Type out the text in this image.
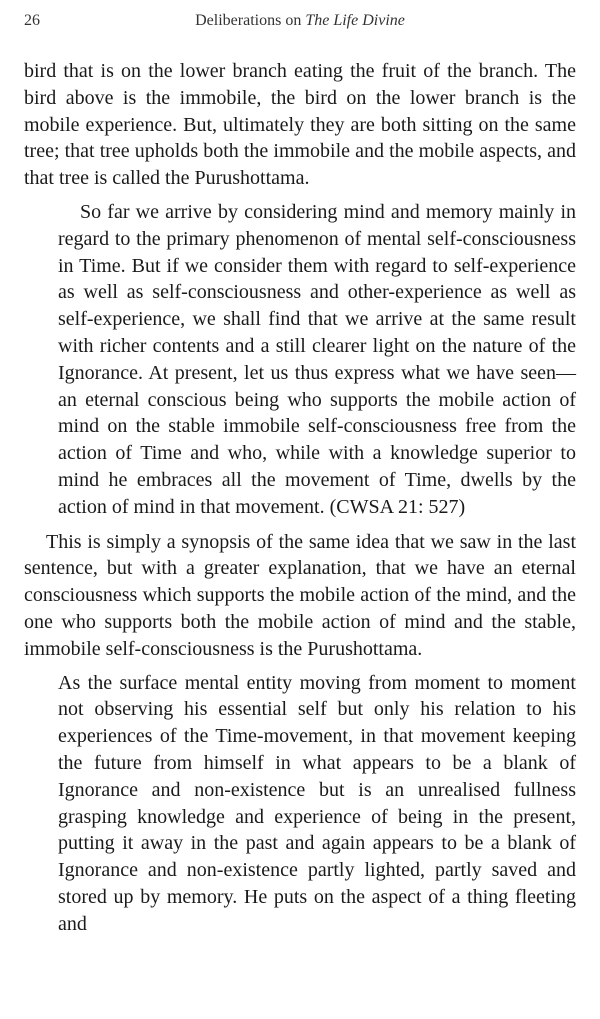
26	Deliberations on The Life Divine

bird that is on the lower branch eating the fruit of the branch. The bird above is the immobile, the bird on the lower branch is the mobile experience. But, ultimately they are both sitting on the same tree; that tree upholds both the immobile and the mobile aspects, and that tree is called the Purushottama.

So far we arrive by considering mind and memory mainly in regard to the primary phenomenon of mental self-consciousness in Time. But if we consider them with regard to self-experience as well as self-consciousness and other-experience as well as self-experience, we shall find that we arrive at the same result with richer contents and a still clearer light on the nature of the Ignorance. At present, let us thus express what we have seen—an eternal conscious being who supports the mobile action of mind on the stable immobile self-consciousness free from the action of Time and who, while with a knowledge superior to mind he embraces all the movement of Time, dwells by the action of mind in that movement. (CWSA 21: 527)

This is simply a synopsis of the same idea that we saw in the last sentence, but with a greater explanation, that we have an eternal consciousness which supports the mobile action of the mind, and the one who supports both the mobile action of mind and the stable, immobile self-consciousness is the Purushottama.

As the surface mental entity moving from moment to moment not observing his essential self but only his relation to his experiences of the Time-movement, in that movement keeping the future from himself in what appears to be a blank of Ignorance and non-existence but is an unrealised fullness grasping knowledge and experience of being in the present, putting it away in the past and again appears to be a blank of Ignorance and non-existence partly lighted, partly saved and stored up by memory. He puts on the aspect of a thing fleeting and
